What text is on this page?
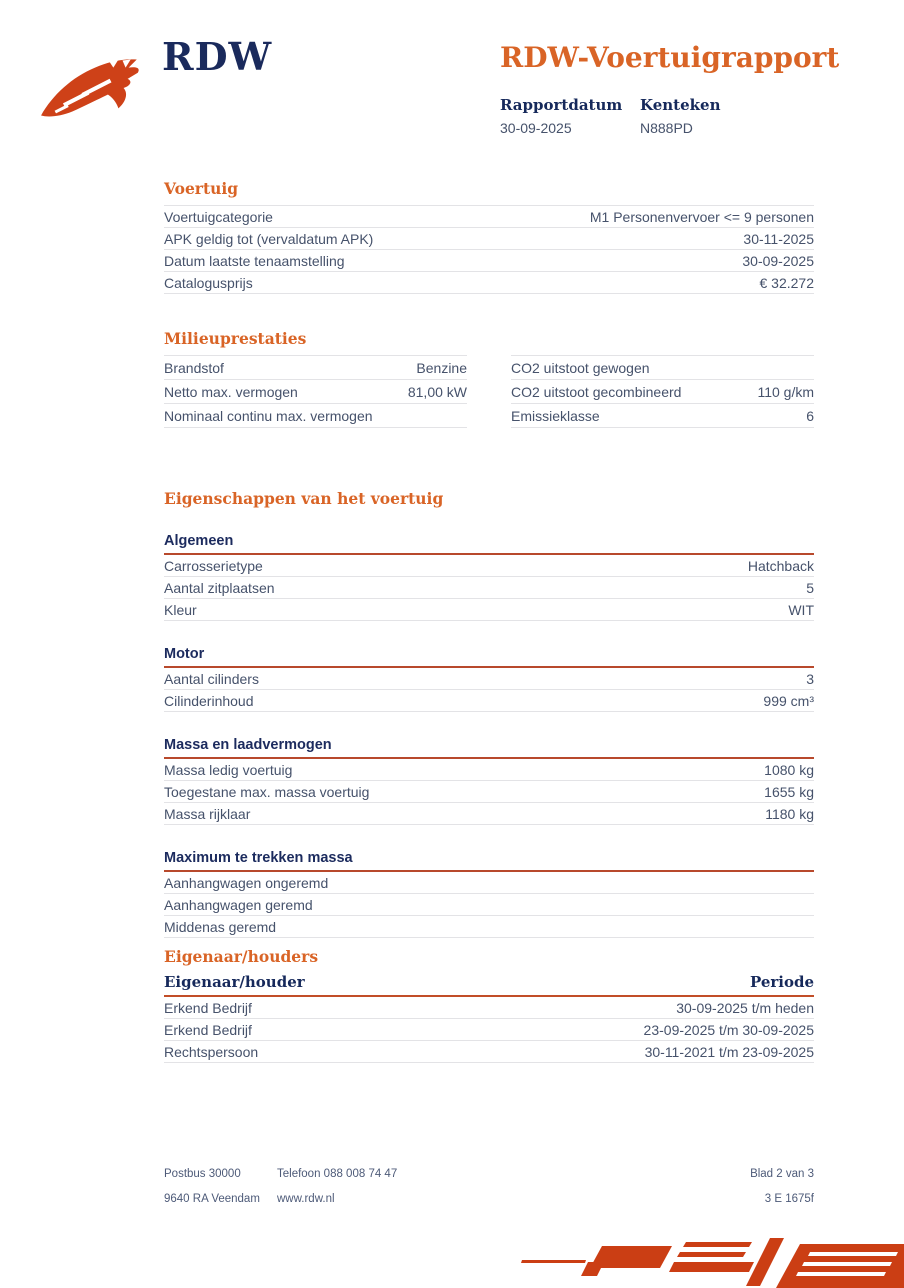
RDW	RDW-Voertuigrapport
Rapportdatum
30-09-2025
Kenteken
N888PD
Voertuig
Voertuigcategorie	M1 Personenvervoer <= 9 personen
APK geldig tot (vervaldatum APK)	30-11-2025
Datum laatste tenaamstelling	30-09-2025
Catalogusprijs	€ 32.272
Milieuprestaties
Brandstof	Benzine
Netto max. vermogen	81,00 kW
Nominaal continu max. vermogen
CO2 uitstoot gewogen
CO2 uitstoot gecombineerd	110 g/km
Emissieklasse	6
Eigenschappen van het voertuig
Algemeen
Carrosserietype	Hatchback
Aantal zitplaatsen	5
Kleur	WIT
Motor
Aantal cilinders	3
Cilinderinhoud	999 cm³
Massa en laadvermogen
Massa ledig voertuig	1080 kg
Toegestane max. massa voertuig	1655 kg
Massa rijklaar	1180 kg
Maximum te trekken massa
Aanhangwagen ongeremd
Aanhangwagen geremd
Middenas geremd
Eigenaar/houders
Eigenaar/houder	Periode
Erkend Bedrijf	30-09-2025 t/m heden
Erkend Bedrijf	23-09-2025 t/m 30-09-2025
Rechtspersoon	30-11-2021 t/m 23-09-2025
Postbus 30000	Telefoon 088 008 74 47	Blad 2 van 3
9640 RA Veendam www.rdw.nl	3 E 1675f
